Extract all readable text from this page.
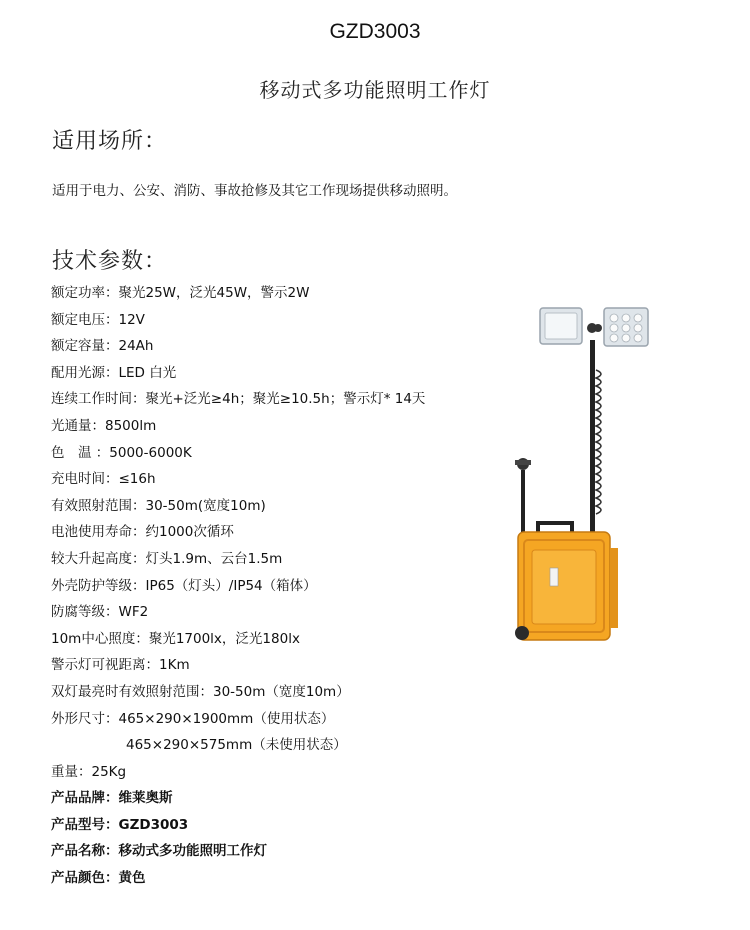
GZD3003
移动式多功能照明工作灯
适用场所：
适用于电力、公安、消防、事故抢修及其它工作现场提供移动照明。
技术参数：
额定功率：聚光25W，泛光45W，警示2W
额定电压：12V
额定容量：24Ah
配用光源：LED 白光
连续工作时间：聚光+泛光≥4h；聚光≥10.5h；警示灯* 14天
光通量：8500lm
色　温 ：5000-6000K
充电时间：≤16h
有效照射范围：30-50m(宽度10m)
电池使用寿命：约1000次循环
较大升起高度：灯头1.9m、云台1.5m
外壳防护等级：IP65（灯头）/IP54（箱体）
防腐等级：WF2
10m中心照度：聚光1700lx，泛光180lx
警示灯可视距离：1Km
双灯最亮时有效照射范围：30-50m（宽度10m）
外形尺寸：465×290×1900mm（使用状态）
465×290×575mm（未使用状态）
重量：25Kg
产品品牌：维莱奥斯
产品型号：GZD3003
产品名称：移动式多功能照明工作灯
产品颜色：黄色
